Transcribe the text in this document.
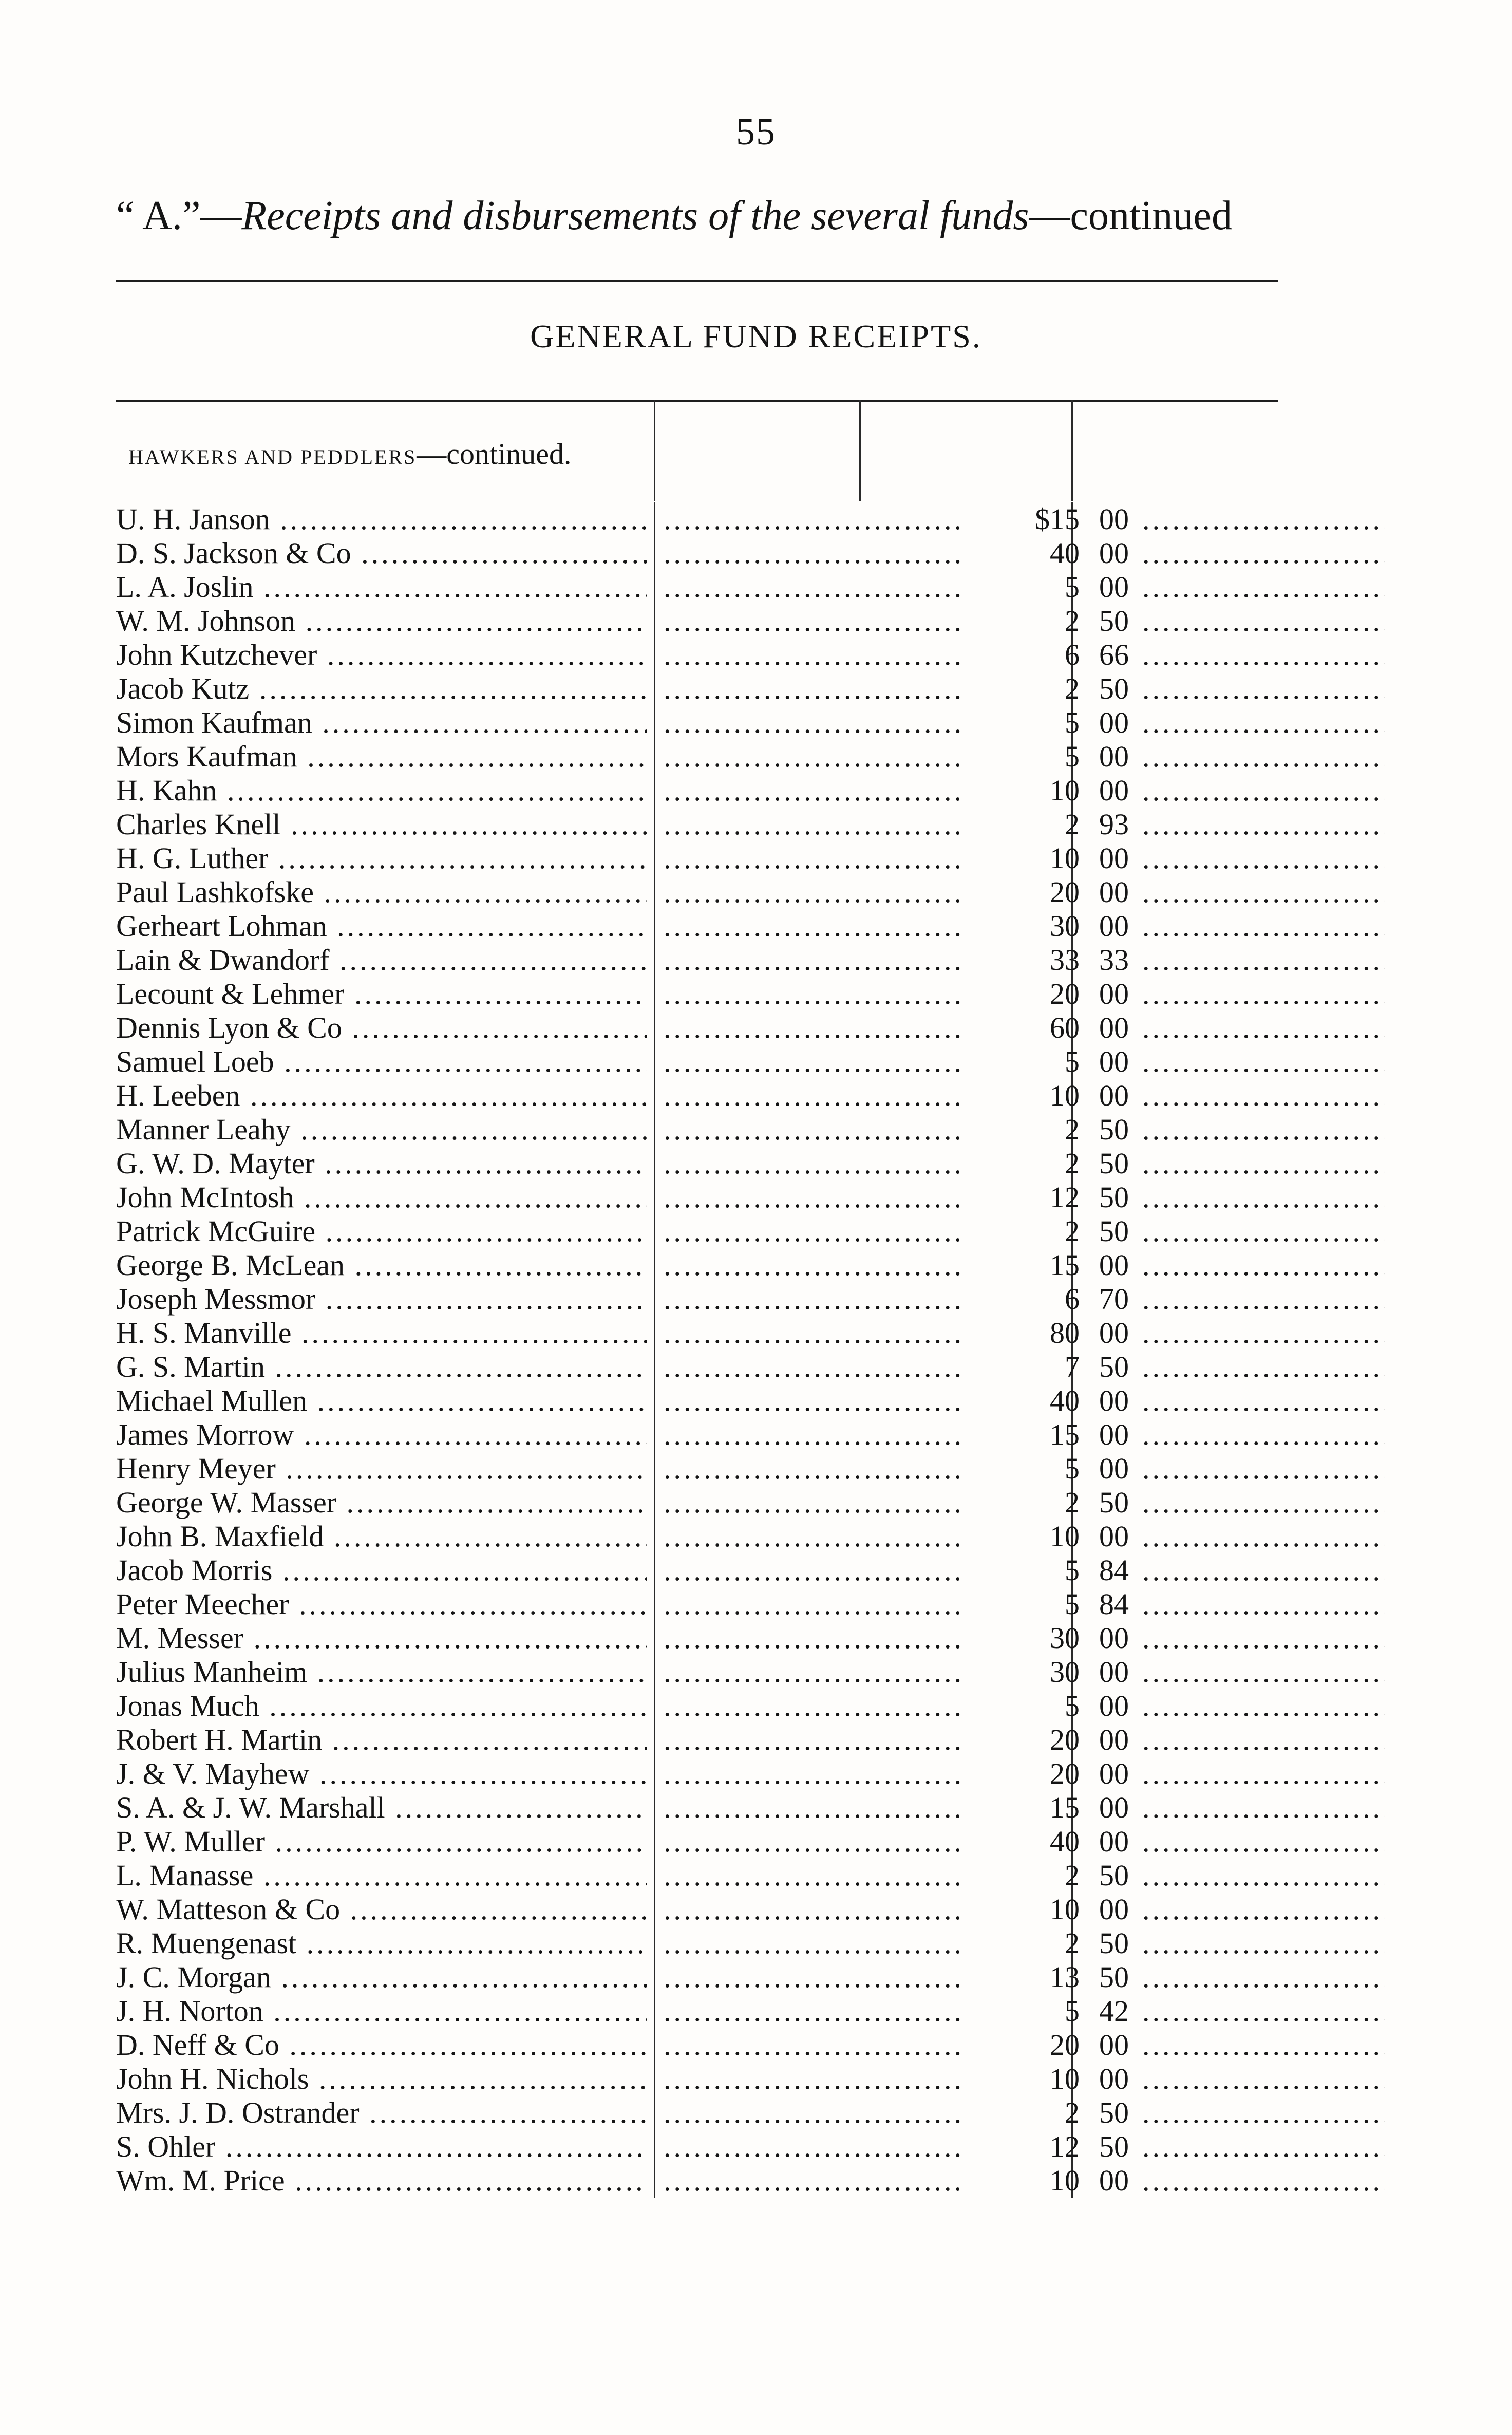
55
“ A.”—Receipts and disbursements of the several funds—continued
GENERAL FUND RECEIPTS.
HAWKERS AND PEDDLERS—continued.
U. H. Janson ..... .....	$15 00
.....
D. S. Jackson & Co ..... .....	40 00
.....
L. A. Joslin ..... .....	5 00
.....
W. M. Johnson ..... .....	2 50
.....
John Kutzchever ..... .....	6 66
.....
Jacob Kutz ..... .....	2 50
.....
Simon Kaufman ..... .....	5 00
.....
Mors Kaufman ..... .....	5 00
.....
H. Kahn ..... .....	10 00
.....
Charles Knell ..... .....	2 93
.....
H. G. Luther ..... .....	10 00
.....
Paul Lashkofske ..... .....	20 00
.....
Gerheart Lohman ..... .....	30 00
.....
Lain & Dwandorf ..... .....	33 33
.....
Lecount & Lehmer ..... .....	20 00
.....
Dennis Lyon & Co ..... .....	60 00
.....
Samuel Loeb ..... .....	5 00
.....
H. Leeben ..... .....	10 00
.....
Manner Leahy ..... .....	2 50
.....
G. W. D. Mayter ..... .....	2 50
.....
John McIntosh ..... .....	12 50
.....
Patrick McGuire ..... .....	2 50
.....
George B. McLean ..... .....	15 00
.....
Joseph Messmor ..... .....	6 70
.....
H. S. Manville ..... .....	80 00
.....
G. S. Martin ..... .....	7 50
.....
Michael Mullen ..... .....	40 00
.....
James Morrow ..... .....	15 00
.....
Henry Meyer ..... .....	5 00
.....
George W. Masser ..... .....	2 50
.....
John B. Maxfield ..... .....	10 00
.....
Jacob Morris ..... .....	5 84
.....
Peter Meecher ..... .....	5 84
.....
M. Messer ..... .....	30 00
.....
Julius Manheim ..... .....	30 00
.....
Jonas Much ..... .....	5 00
.....
Robert H. Martin ..... .....	20 00
.....
J. & V. Mayhew ..... .....	20 00
.....
S. A. & J. W. Marshall ..... .....	15 00
.....
P. W. Muller ..... .....	40 00
.....
L. Manasse ..... .....	2 50
.....
W. Matteson & Co ..... .....	10 00
.....
R. Muengenast ..... .....	2 50
.....
J. C. Morgan ..... .....	13 50
.....
J. H. Norton ..... .....	5 42
.....
D. Neff & Co ..... .....	20 00
.....
John H. Nichols ..... .....	10 00
.....
Mrs. J. D. Ostrander ..... .....	2 50
.....
S. Ohler ..... .....	12 50
.....
Wm. M. Price ..... .....	10 00
.....
